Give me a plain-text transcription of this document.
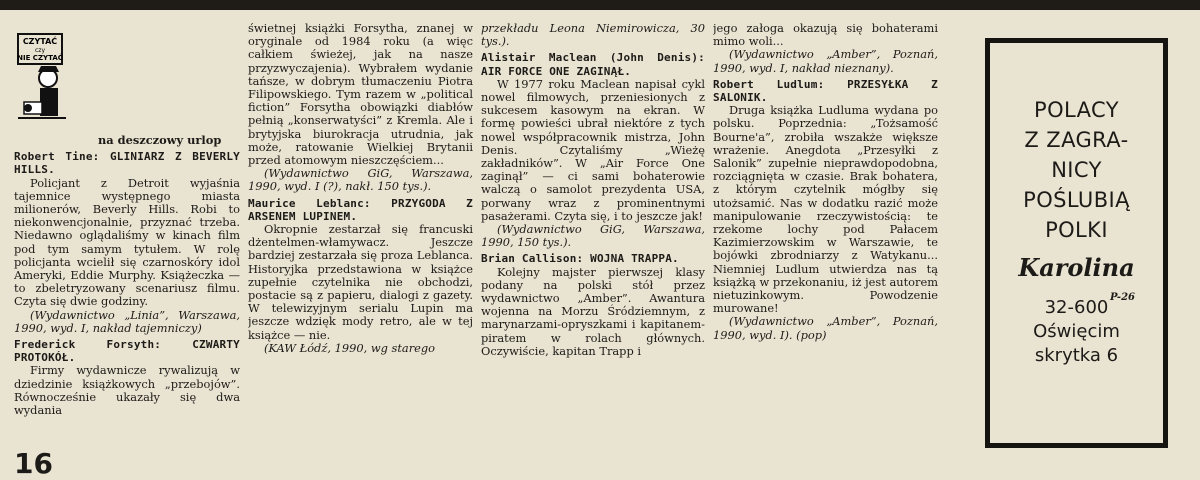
CZYTAĆ
czy
NIE CZYTAĆ

na deszczowy urlop

Robert Tine: GLINIARZ Z BEVERLY HILLS.

Policjant z Detroit wyjaśnia tajemnice występnego miasta milionerów, Beverly Hills. Robi to niekonwencjonalnie, przyznać trzeba. Niedawno oglądaliśmy w kinach film pod tym samym tytułem. W rolę policjanta wcielił się czarnoskóry idol Ameryki, Eddie Murphy. Książeczka — to zbeletryzowany scenariusz filmu. Czyta się dwie godziny.

(Wydawnictwo „Linia”, Warszawa, 1990, wyd. I, nakład tajemniczy)

Frederick Forsyth: CZWARTY PROTOKÓŁ.

Firmy wydawnicze rywalizują w dziedzinie książkowych „przebojów”. Równocześnie ukazały się dwa wydania

świetnej książki Forsytha, znanej w oryginale od 1984 roku (a więc całkiem świeżej, jak na nasze przyzwyczajenia). Wybrałem wydanie tańsze, w dobrym tłumaczeniu Piotra Filipowskiego. Tym razem w „political fiction” Forsytha obowiązki diabłów pełnią „konserwatyści” z Kremla. Ale i brytyjska biurokracja utrudnia, jak może, ratowanie Wielkiej Brytanii przed atomowym nieszczęściem...

(Wydawnictwo GiG, Warszawa, 1990, wyd. I (?), nakł. 150 tys.).

Maurice Leblanc: PRZYGODA Z ARSENEM LUPINEM.

Okropnie zestarzał się francuski dżentelmen-włamywacz. Jeszcze bardziej zestarzała się proza Leblanca. Historyjka przedstawiona w książce zupełnie czytelnika nie obchodzi, postacie są z papieru, dialogi z gazety. W telewizyjnym serialu Lupin ma jeszcze wdzięk mody retro, ale w tej książce — nie.

(KAW Łódź, 1990, wg starego

przekładu Leona Niemirowicza, 30 tys.).

Alistair Maclean (John Denis): AIR FORCE ONE ZAGINĄŁ.

W 1977 roku Maclean napisał cykl nowel filmowych, przeniesionych z sukcesem kasowym na ekran. W formę powieści ubrał niektóre z tych nowel współpracownik mistrza, John Denis. Czytaliśmy „Wieżę zakładników”. W „Air Force One zaginął” — ci sami bohaterowie walczą o samolot prezydenta USA, porwany wraz z prominentnymi pasażerami. Czyta się, i to jeszcze jak!

(Wydawnictwo GiG, Warszawa, 1990, 150 tys.).

Brian Callison: WOJNA TRAPPA.

Kolejny majster pierwszej klasy podany na polski stół przez wydawnictwo „Amber”. Awantura wojenna na Morzu Śródziemnym, z marynarzami-opryszkami i kapitanem-piratem w rolach głównych. Oczywiście, kapitan Trapp i

jego załoga okazują się bohaterami mimo woli...

(Wydawnictwo „Amber”, Poznań, 1990, wyd. I, nakład nieznany).

Robert Ludlum: PRZESYŁKA Z SALONIK.

Druga książka Ludluma wydana po polsku. Poprzednia: „Tożsamość Bourne'a”, zrobiła wszakże większe wrażenie. Anegdota „Przesyłki z Salonik” zupełnie nieprawdopodobna, rozciągnięta w czasie. Brak bohatera, z którym czytelnik mógłby się utożsamić. Nas w dodatku razić może manipulowanie rzeczywistością: te rzekome lochy pod Pałacem Kazimierzowskim w Warszawie, te bojówki zbrodniarzy z Watykanu... Niemniej Ludlum utwierdza nas tą książką w przekonaniu, iż jest autorem nietuzinkowym. Powodzenie murowane!

(Wydawnictwo „Amber”, Poznań, 1990, wyd. I). (pop)

16
POLACY
Z ZAGRA-
NICY
POŚLUBIĄ
POLKI
Karolina
32-600
Oświęcim
skrytka 6
P-26
